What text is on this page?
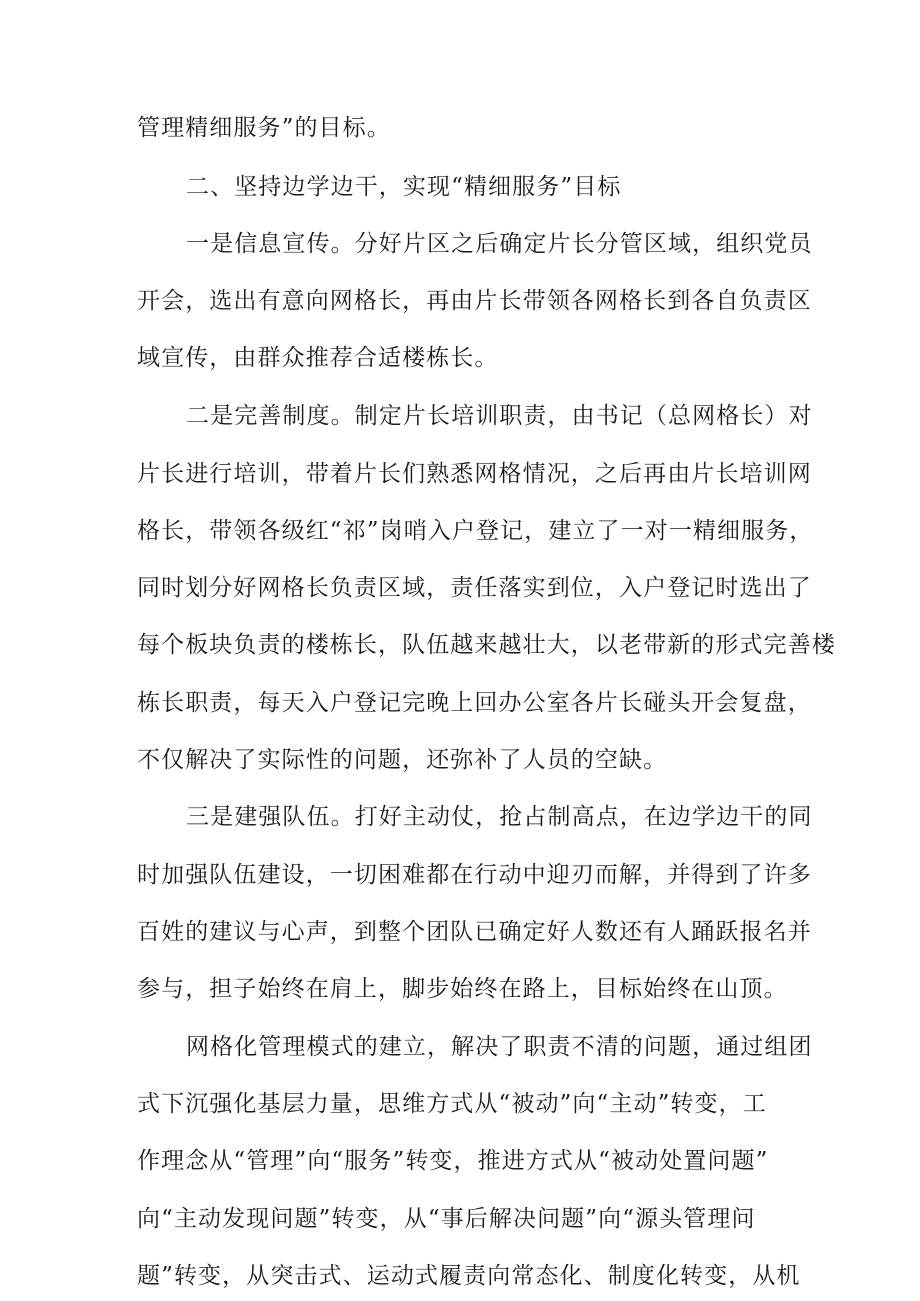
管理精细服务”的目标。

二、坚持边学边干，实现“精细服务”目标

一是信息宣传。分好片区之后确定片长分管区域，组织党员

开会，选出有意向网格长，再由片长带领各网格长到各自负责区

域宣传，由群众推荐合适楼栋长。

二是完善制度。制定片长培训职责，由书记（总网格长）对

片长进行培训，带着片长们熟悉网格情况，之后再由片长培训网

格长，带领各级红“祁”岗哨入户登记，建立了一对一精细服务，

同时划分好网格长负责区域，责任落实到位，入户登记时选出了

每个板块负责的楼栋长，队伍越来越壮大，以老带新的形式完善楼

栋长职责，每天入户登记完晚上回办公室各片长碰头开会复盘，

不仅解决了实际性的问题，还弥补了人员的空缺。

三是建强队伍。打好主动仗，抢占制高点，在边学边干的同

时加强队伍建设，一切困难都在行动中迎刃而解，并得到了许多

百姓的建议与心声，到整个团队已确定好人数还有人踊跃报名并

参与，担子始终在肩上，脚步始终在路上，目标始终在山顶。

网格化管理模式的建立，解决了职责不清的问题，通过组团

式下沉强化基层力量，思维方式从“被动”向“主动”转变，工

作理念从“管理”向“服务”转变，推进方式从“被动处置问题”

向“主动发现问题”转变，从“事后解决问题”向“源头管理问

题”转变，从突击式、运动式履责向常态化、制度化转变，从机
